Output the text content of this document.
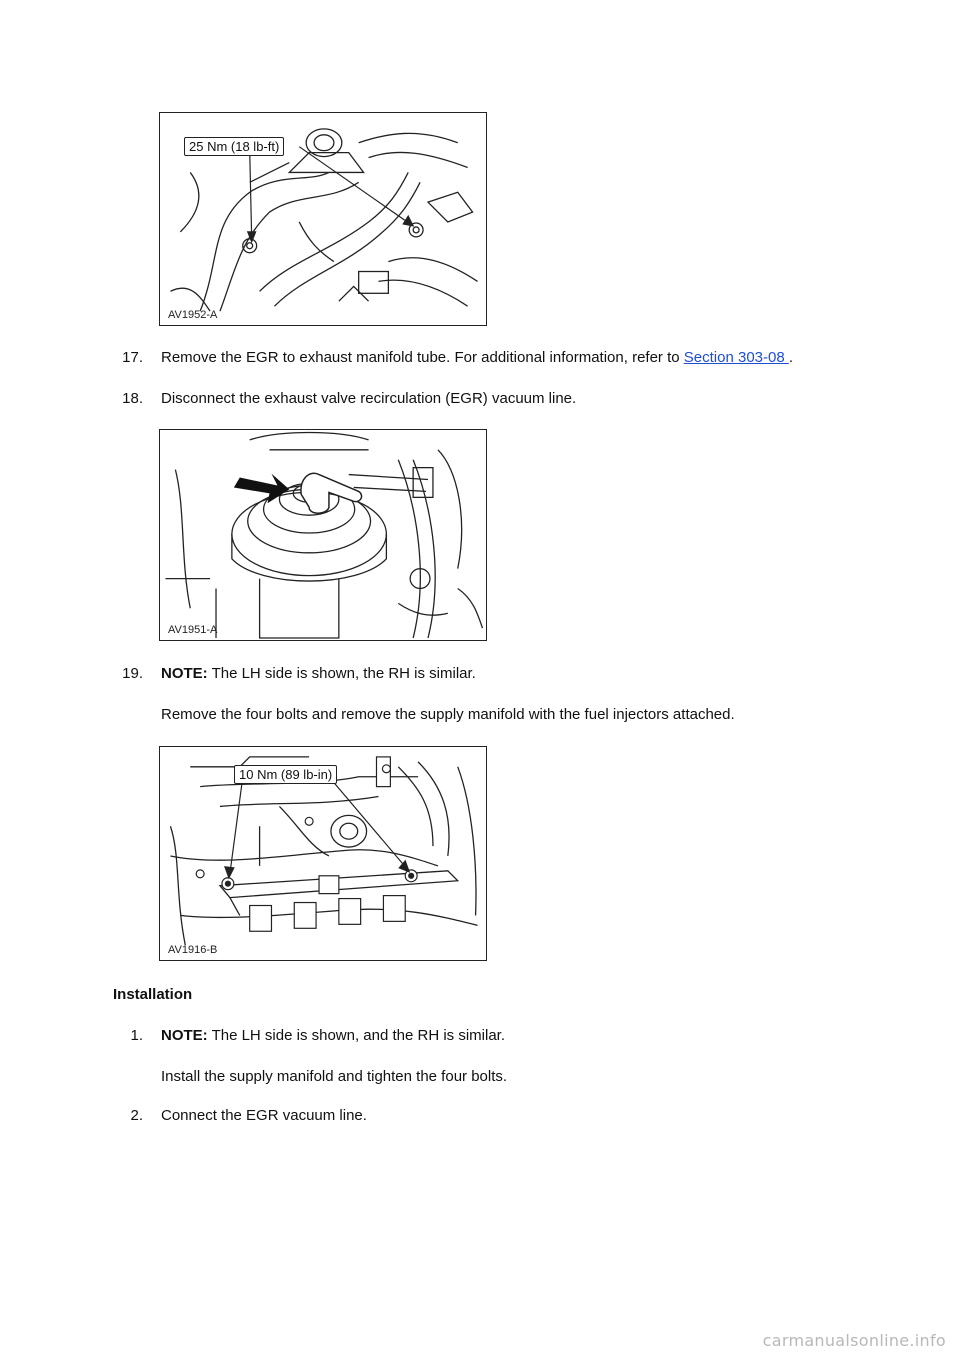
25 Nm (18 lb-ft)
AV1952-A
17. Remove the EGR to exhaust manifold tube. For additional information, refer to Section 303-08 .
18. Disconnect the exhaust valve recirculation (EGR) vacuum line.
AV1951-A
19. NOTE: The LH side is shown, the RH is similar.
Remove the four bolts and remove the supply manifold with the fuel injectors attached.
10 Nm (89 lb-in)
AV1916-B
Installation
1. NOTE: The LH side is shown, and the RH is similar.
Install the supply manifold and tighten the four bolts.
2. Connect the EGR vacuum line.
carmanualsonline.info
